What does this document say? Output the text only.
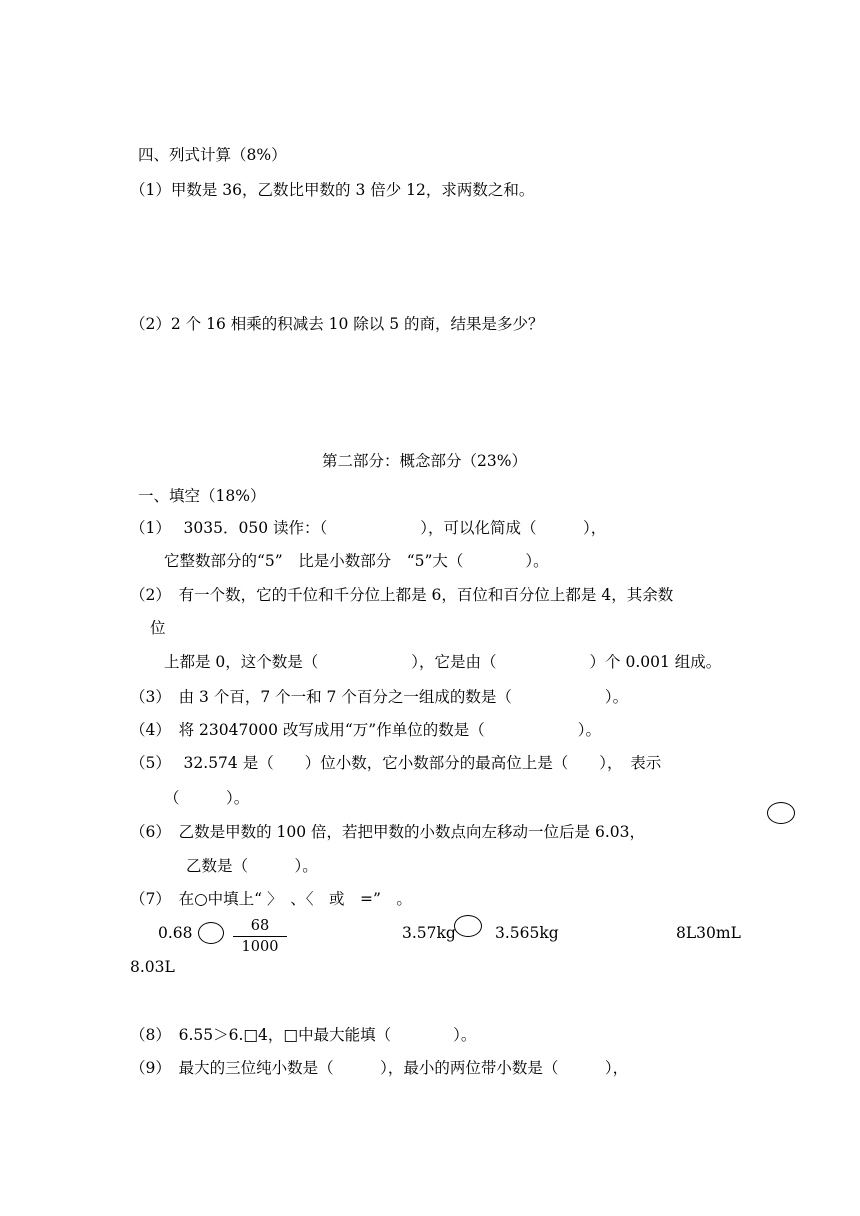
四、列式计算（8%）
（1）甲数是 36，乙数比甲数的 3 倍少 12，求两数之和。
（2）2 个 16 相乘的积减去 10 除以 5 的商，结果是多少？
第二部分：概念部分（23%）
一、填空（18%）
（1）　 3035．050 读作：（　　　　　　），可以化简成（　　　），
它整数部分的“5”　比是小数部分　“5”大（　　　　）。
（2）　有一个数，它的千位和千分位上都是 6，百位和百分位上都是 4，其余数
位
上都是 0，这个数是（　　　　　　），它是由（　　　　　　）个 0.001 组成。
（3）　由 3 个百，7 个一和 7 个百分之一组成的数是（　　　　　　）。
（4）　将 23047000 改写成用“万”作单位的数是（　　　　　　）。
（5）　 32.574 是（　　）位小数，它小数部分的最高位上是（　　），　表示
（　　　）。
（6）　乙数是甲数的 100 倍，若把甲数的小数点向左移动一位后是 6.03，
乙数是（　　　）。
（7）　在○中填上“ 〉　、〈　或　=”　。
0.68	$\frac{68}{1000}$	3.57kg	3.565kg	8L30mL
8.03L
（8）　6.55＞6.□4，□中最大能填（　　　　）。
（9）　最大的三位纯小数是（　　　），最小的两位带小数是（　　　），
